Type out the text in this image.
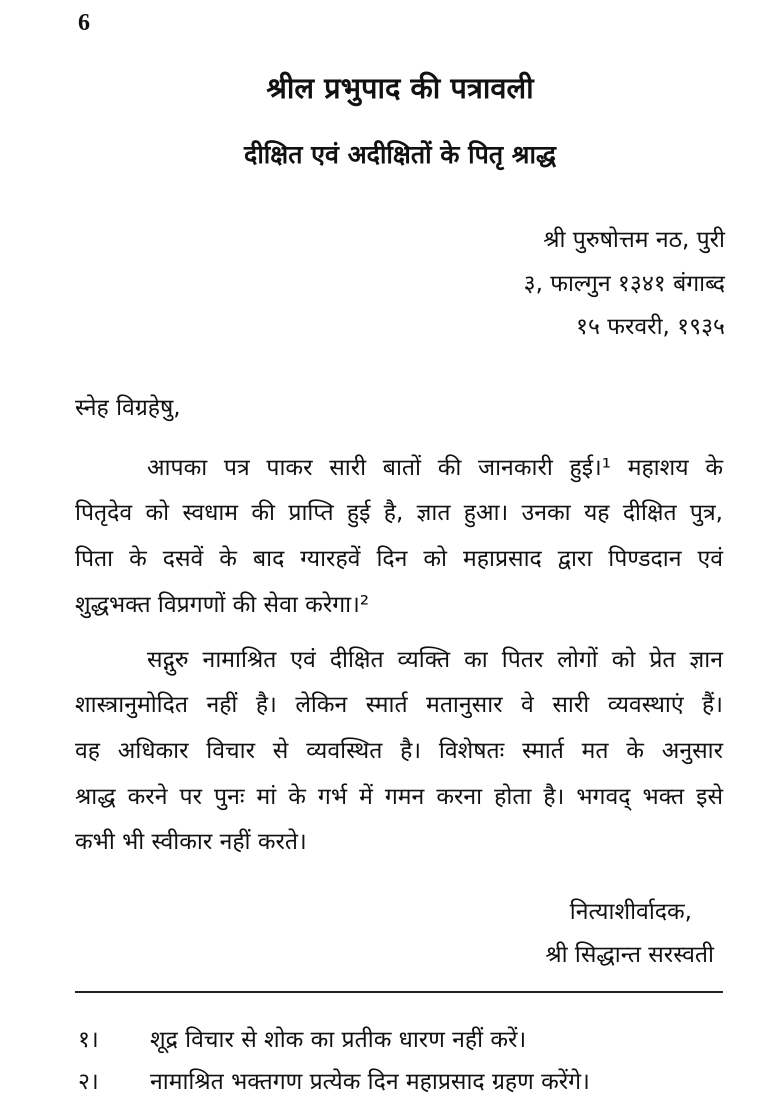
6
श्रील प्रभुपाद की पत्रावली
दीक्षित एवं अदीक्षितों के पितृ श्राद्ध
श्री पुरुषोत्तम नठ, पुरी
३, फाल्गुन १३४१ बंगाब्द
१५ फरवरी, १९३५
स्नेह विग्रहेषु,
आपका पत्र पाकर सारी बातों की जानकारी हुई।¹ महाशय के
पितृदेव को स्वधाम की प्राप्ति हुई है, ज्ञात हुआ। उनका यह दीक्षित पुत्र,
पिता के दसवें के बाद ग्यारहवें दिन को महाप्रसाद द्वारा पिण्डदान एवं
शुद्धभक्त विप्रगणों की सेवा करेगा।²
सद्गुरु नामाश्रित एवं दीक्षित व्यक्ति का पितर लोगों को प्रेत ज्ञान
शास्त्रानुमोदित नहीं है। लेकिन स्मार्त मतानुसार वे सारी व्यवस्थाएं हैं।
वह अधिकार विचार से व्यवस्थित है। विशेषतः स्मार्त मत के अनुसार
श्राद्ध करने पर पुनः मां के गर्भ में गमन करना होता है। भगवद् भक्त इसे
कभी भी स्वीकार नहीं करते।
नित्याशीर्वादक,
श्री सिद्धान्त सरस्वती
१। शूद्र विचार से शोक का प्रतीक धारण नहीं करें।
२। नामाश्रित भक्तगण प्रत्येक दिन महाप्रसाद ग्रहण करेंगे।
